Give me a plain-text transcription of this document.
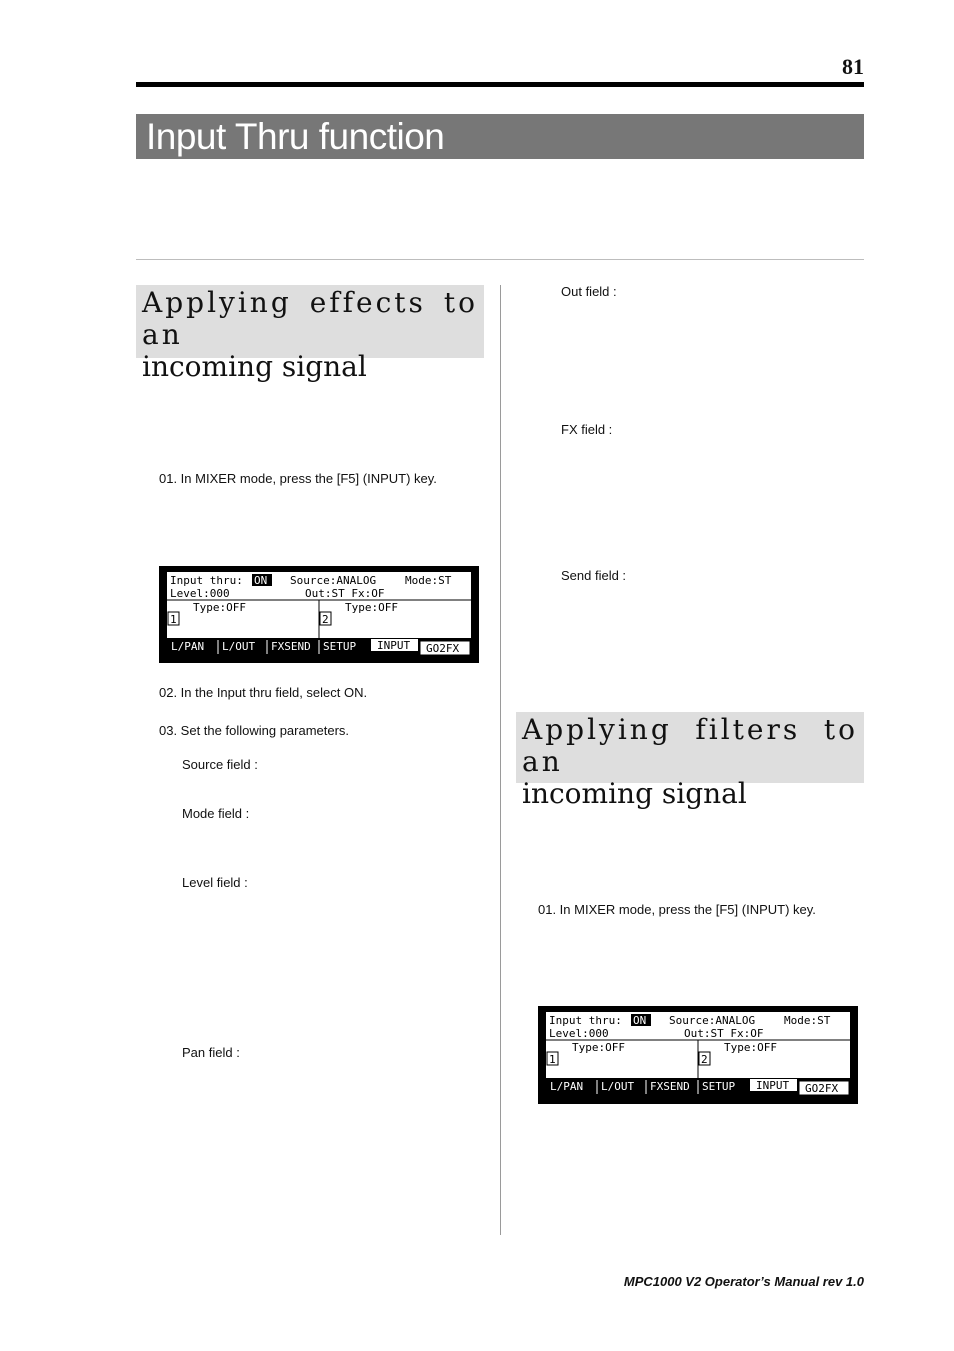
81
Input Thru function
Applying effects to an
incoming signal
01. In MIXER mode, press the [F5] (INPUT) key.
Input thru: ON Source:ANALOG	Mode:ST
Level:000	Out:ST Fx:OF
Type:OFF	Type:OFF
1	2
L/PAN L/OUT FXSEND SETUP INPUT GO2FX
02. In the Input thru field, select ON.
03. Set the following parameters.
Source field :
Mode field :
Level field :
Pan field :
Out field :
FX field :
Send field :
Applying filters to an
incoming signal
01. In MIXER mode, press the [F5] (INPUT) key.
Input thru: ON Source:ANALOG	Mode:ST
Level:000	Out:ST Fx:OF
Type:OFF	Type:OFF
1	2
L/PAN L/OUT FXSEND SETUP INPUT GO2FX
MPC1000 V2 Operator’s Manual rev 1.0
